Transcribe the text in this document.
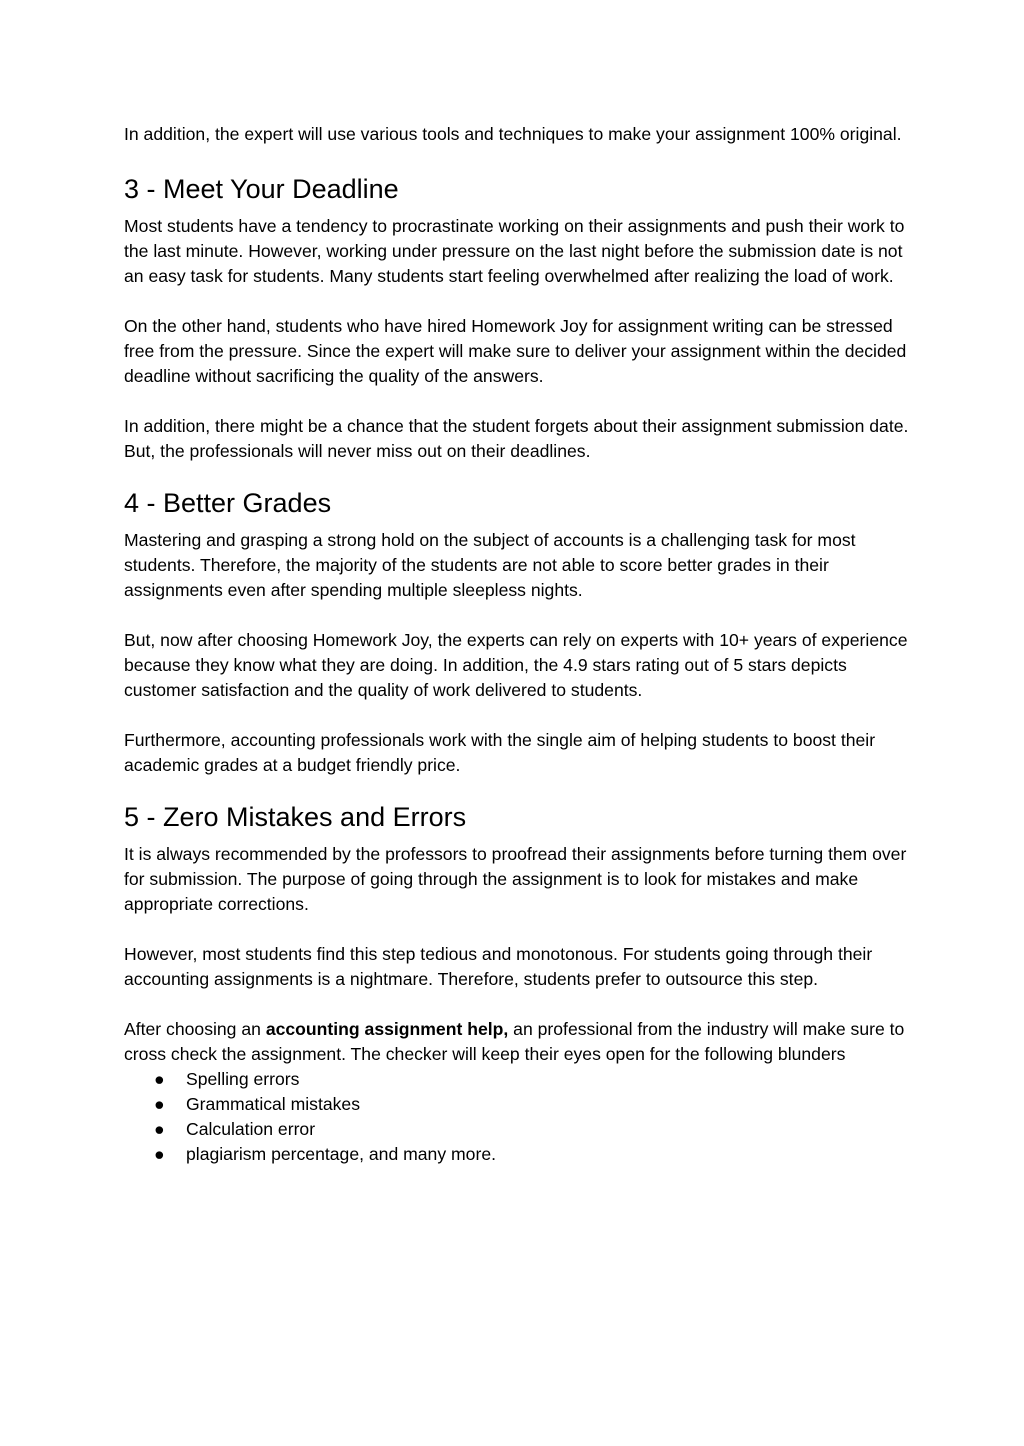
In addition, the expert will use various tools and techniques to make your assignment 100% original.

3 - Meet Your Deadline

Most students have a tendency to procrastinate working on their assignments and push their work to the last minute. However, working under pressure on the last night before the submission date is not an easy task for students. Many students start feeling overwhelmed after realizing the load of work.

On the other hand, students who have hired Homework Joy for assignment writing can be stressed free from the pressure. Since the expert will make sure to deliver your assignment within the decided deadline without sacrificing the quality of the answers.

In addition, there might be a chance that the student forgets about their assignment submission date. But, the professionals will never miss out on their deadlines.

4 - Better Grades

Mastering and grasping a strong hold on the subject of accounts is a challenging task for most students. Therefore, the majority of the students are not able to score better grades in their assignments even after spending multiple sleepless nights.

But, now after choosing Homework Joy, the experts can rely on experts with 10+ years of experience because they know what they are doing. In addition, the 4.9 stars rating out of 5 stars depicts customer satisfaction and the quality of work delivered to students.

Furthermore, accounting professionals work with the single aim of helping students to boost their academic grades at a budget friendly price.

5 - Zero Mistakes and Errors

It is always recommended by the professors to proofread their assignments before turning them over for submission. The purpose of going through the assignment is to look for mistakes and make appropriate corrections.

However, most students find this step tedious and monotonous. For students going through their accounting assignments is a nightmare. Therefore, students prefer to outsource this step.

After choosing an accounting assignment help, an professional from the industry will make sure to cross check the assignment. The checker will keep their eyes open for the following blunders

● Spelling errors
● Grammatical mistakes
● Calculation error
● plagiarism percentage, and many more.
